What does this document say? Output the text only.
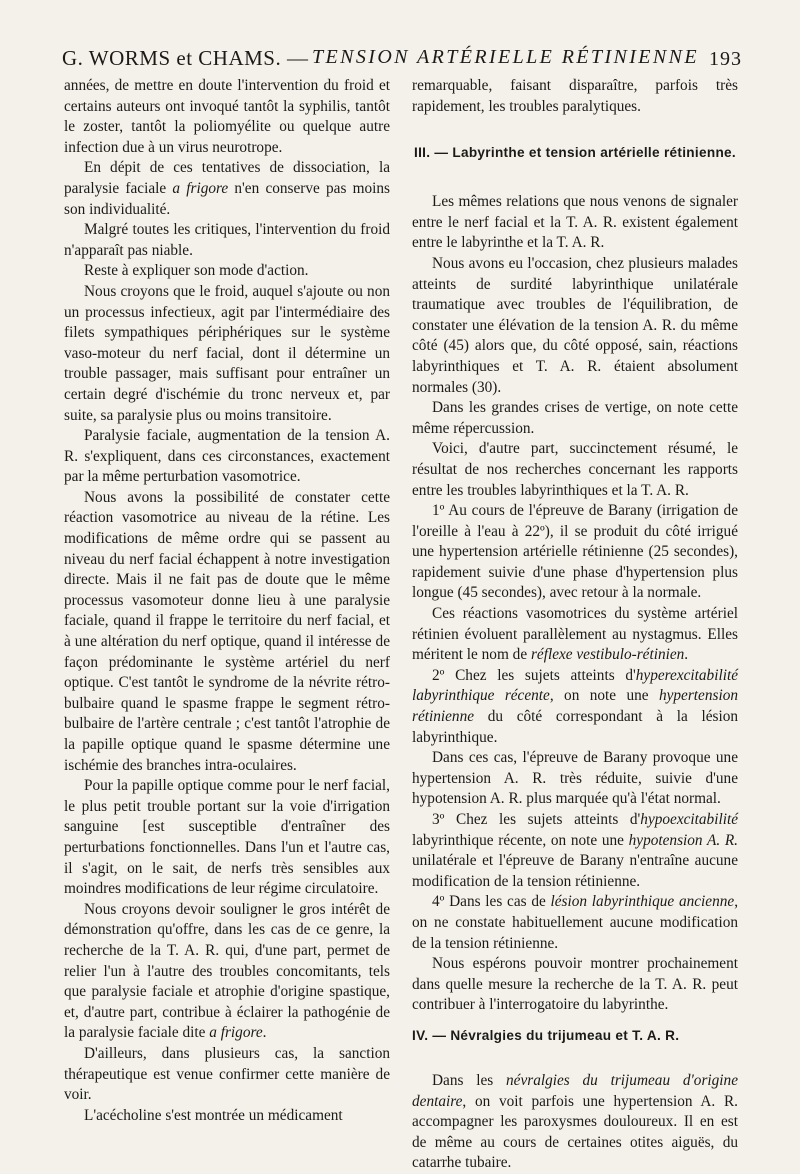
G. WORMS et CHAMS. — TENSION ARTÉRIELLE RÉTINIENNE 193

années, de mettre en doute l'intervention du froid et certains auteurs ont invoqué tantôt la syphilis, tantôt le zoster, tantôt la poliomyélite ou quelque autre infection due à un virus neurotrope.

En dépit de ces tentatives de dissociation, la paralysie faciale a frigore n'en conserve pas moins son individualité.

Malgré toutes les critiques, l'intervention du froid n'apparaît pas niable.

Reste à expliquer son mode d'action.

Nous croyons que le froid, auquel s'ajoute ou non un processus infectieux, agit par l'intermédiaire des filets sympathiques périphériques sur le système vaso-moteur du nerf facial, dont il détermine un trouble passager, mais suffisant pour entraîner un certain degré d'ischémie du tronc nerveux et, par suite, sa paralysie plus ou moins transitoire.

Paralysie faciale, augmentation de la tension A. R. s'expliquent, dans ces circonstances, exactement par la même perturbation vasomotrice.

Nous avons la possibilité de constater cette réaction vasomotrice au niveau de la rétine. Les modifications de même ordre qui se passent au niveau du nerf facial échappent à notre investigation directe. Mais il ne fait pas de doute que le même processus vasomoteur donne lieu à une paralysie faciale, quand il frappe le territoire du nerf facial, et à une altération du nerf optique, quand il intéresse de façon prédominante le système artériel du nerf optique. C'est tantôt le syndrome de la névrite rétro-bulbaire quand le spasme frappe le segment rétro-bulbaire de l'artère centrale ; c'est tantôt l'atrophie de la papille optique quand le spasme détermine une ischémie des branches intra-oculaires.

Pour la papille optique comme pour le nerf facial, le plus petit trouble portant sur la voie d'irrigation sanguine [est susceptible d'entraîner des perturbations fonctionnelles. Dans l'un et l'autre cas, il s'agit, on le sait, de nerfs très sensibles aux moindres modifications de leur régime circulatoire.

Nous croyons devoir souligner le gros intérêt de démonstration qu'offre, dans les cas de ce genre, la recherche de la T. A. R. qui, d'une part, permet de relier l'un à l'autre des troubles concomitants, tels que paralysie faciale et atrophie d'origine spastique, et, d'autre part, contribue à éclairer la pathogénie de la paralysie faciale dite a frigore.

D'ailleurs, dans plusieurs cas, la sanction thérapeutique est venue confirmer cette manière de voir.

L'acécholine s'est montrée un médicament

remarquable, faisant disparaître, parfois très rapidement, les troubles paralytiques.

III. — Labyrinthe et tension artérielle rétinienne.

Les mêmes relations que nous venons de signaler entre le nerf facial et la T. A. R. existent également entre le labyrinthe et la T. A. R.

Nous avons eu l'occasion, chez plusieurs malades atteints de surdité labyrinthique unilatérale traumatique avec troubles de l'équilibration, de constater une élévation de la tension A. R. du même côté (45) alors que, du côté opposé, sain, réactions labyrinthiques et T. A. R. étaient absolument normales (30).

Dans les grandes crises de vertige, on note cette même répercussion.

Voici, d'autre part, succinctement résumé, le résultat de nos recherches concernant les rapports entre les troubles labyrinthiques et la T. A. R.

1º Au cours de l'épreuve de Barany (irrigation de l'oreille à l'eau à 22º), il se produit du côté irrigué une hypertension artérielle rétinienne (25 secondes), rapidement suivie d'une phase d'hypertension plus longue (45 secondes), avec retour à la normale.

Ces réactions vasomotrices du système artériel rétinien évoluent parallèlement au nystagmus. Elles méritent le nom de réflexe vestibulo-rétinien.

2º Chez les sujets atteints d'hyperexcitabilité labyrinthique récente, on note une hypertension rétinienne du côté correspondant à la lésion labyrinthique.

Dans ces cas, l'épreuve de Barany provoque une hypertension A. R. très réduite, suivie d'une hypotension A. R. plus marquée qu'à l'état normal.

3º Chez les sujets atteints d'hypoexcitabilité labyrinthique récente, on note une hypotension A. R. unilatérale et l'épreuve de Barany n'entraîne aucune modification de la tension rétinienne.

4º Dans les cas de lésion labyrinthique ancienne, on ne constate habituellement aucune modification de la tension rétinienne.

Nous espérons pouvoir montrer prochainement dans quelle mesure la recherche de la T. A. R. peut contribuer à l'interrogatoire du labyrinthe.

IV. — Névralgies du trijumeau et T. A. R.

Dans les névralgies du trijumeau d'origine dentaire, on voit parfois une hypertension A. R. accompagner les paroxysmes douloureux. Il en est de même au cours de certaines otites aiguës, du catarrhe tubaire.
